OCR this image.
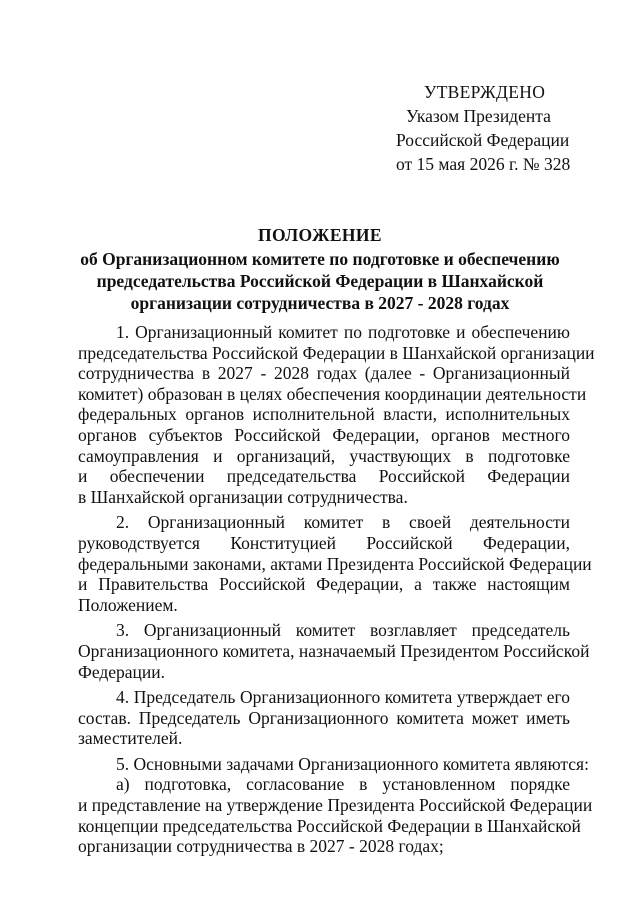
УТВЕРЖДЕНО
Указом Президента
Российской Федерации
от 15 мая 2026 г. № 328
ПОЛОЖЕНИЕ
об Организационном комитете по подготовке и обеспечению
председательства Российской Федерации в Шанхайской
организации сотрудничества в 2027 - 2028 годах
1. Организационный комитет по подготовке и обеспечению
председательства Российской Федерации в Шанхайской организации
сотрудничества в 2027 - 2028 годах (далее - Организационный
комитет) образован в целях обеспечения координации деятельности
федеральных органов исполнительной власти, исполнительных
органов субъектов Российской Федерации, органов местного
самоуправления и организаций, участвующих в подготовке
и обеспечении председательства Российской Федерации
в Шанхайской организации сотрудничества.
2. Организационный комитет в своей деятельности
руководствуется Конституцией Российской Федерации,
федеральными законами, актами Президента Российской Федерации
и Правительства Российской Федерации, а также настоящим
Положением.
3. Организационный комитет возглавляет председатель
Организационного комитета, назначаемый Президентом Российской
Федерации.
4. Председатель Организационного комитета утверждает его
состав. Председатель Организационного комитета может иметь
заместителей.
5. Основными задачами Организационного комитета являются:
а) подготовка, согласование в установленном порядке
и представление на утверждение Президента Российской Федерации
концепции председательства Российской Федерации в Шанхайской
организации сотрудничества в 2027 - 2028 годах;
